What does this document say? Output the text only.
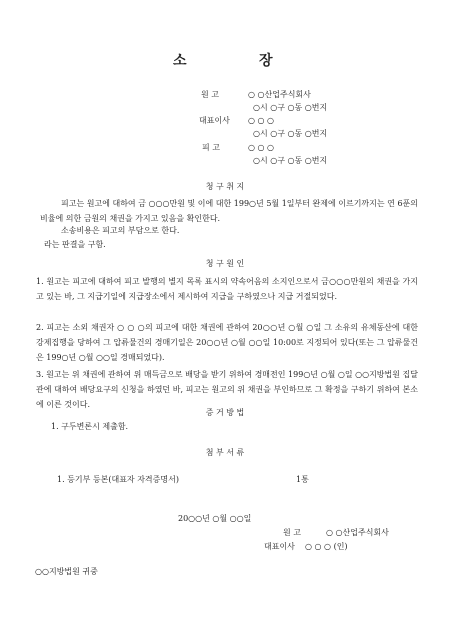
소	장
원 고	○ ○산업주식회사
○시 ○구 ○동 ○번지
대표이사 ○ ○ ○
○시 ○구 ○동 ○번지
피 고	○ ○ ○
○시 ○구 ○동 ○번지
청 구 취 지
피고는 원고에 대하여 금 ○○○만원 및 이에 대한 199○년 5월 1일부터 완제에 이르기까지는 연 6푼의 비율에 의한 금원의 채권을 가지고 있음을 확인한다.
소송비용은 피고의 부담으로 한다.
라는 판결을 구함.
청 구 원 인
1. 원고는 피고에 대하여 피고 발행의 별지 목록 표시의 약속어음의 소지인으로서 금○○○만원의 채권을 가지고 있는 바, 그 지급기일에 지급장소에서 제시하여 지급을 구하였으나 지급 거절되었다.
2. 피고는 소외 채권자 ○ ○ ○의 피고에 대한 채권에 관하여 20○○년 ○월 ○일 그 소유의 유체동산에 대한 강제집행을 당하여 그 압류물건의 경매기일은 20○○년 ○월 ○○일 10:00로 지정되어 있다(또는 그 압류물건은 199○년 ○월 ○○일 경매되었다).
3. 원고는 위 채권에 관하여 위 매득금으로 배당을 받기 위하여 경매전인 199○년 ○월 ○일 ○○지방법원 집달관에 대하여 배당요구의 신청을 하였던 바, 피고는 원고의 위 채권을 부인하므로 그 확정을 구하기 위하여 본소에 이른 것이다.
증 거 방 법
1. 구두변론시 제출함.
첨 부 서 류
1. 등기부 등본(대표자 자격증명서)	1통
20○○년 ○월 ○○일
원 고	○ ○산업주식회사
대표이사 ○ ○ ○ (인)
○○지방법원 귀중
